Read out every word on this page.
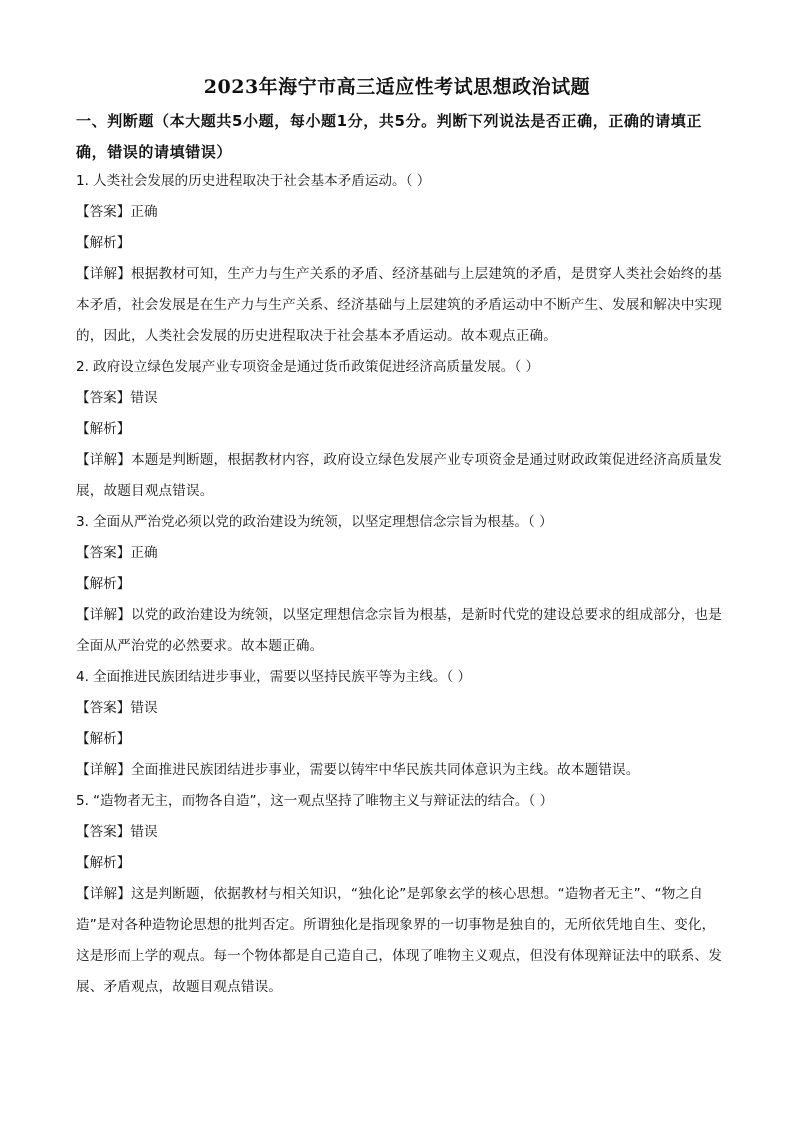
2023年海宁市高三适应性考试思想政治试题
一、判断题（本大题共5小题，每小题1分，共5分。判断下列说法是否正确，正确的请填正确，错误的请填错误）
1. 人类社会发展的历史进程取决于社会基本矛盾运动。（ ）
【答案】正确
【解析】
【详解】根据教材可知，生产力与生产关系的矛盾、经济基础与上层建筑的矛盾，是贯穿人类社会始终的基本矛盾，社会发展是在生产力与生产关系、经济基础与上层建筑的矛盾运动中不断产生、发展和解决中实现的，因此，人类社会发展的历史进程取决于社会基本矛盾运动。故本观点正确。
2. 政府设立绿色发展产业专项资金是通过货币政策促进经济高质量发展。（ ）
【答案】错误
【解析】
【详解】本题是判断题，根据教材内容，政府设立绿色发展产业专项资金是通过财政政策促进经济高质量发展，故题目观点错误。
3. 全面从严治党必须以党的政治建设为统领，以坚定理想信念宗旨为根基。（ ）
【答案】正确
【解析】
【详解】以党的政治建设为统领，以坚定理想信念宗旨为根基，是新时代党的建设总要求的组成部分，也是全面从严治党的必然要求。故本题正确。
4. 全面推进民族团结进步事业，需要以坚持民族平等为主线。（ ）
【答案】错误
【解析】
【详解】全面推进民族团结进步事业，需要以铸牢中华民族共同体意识为主线。故本题错误。
5. “造物者无主，而物各自造”，这一观点坚持了唯物主义与辩证法的结合。（ ）
【答案】错误
【解析】
【详解】这是判断题，依据教材与相关知识，“独化论”是郭象玄学的核心思想。“造物者无主”、“物之自造”是对各种造物论思想的批判否定。所谓独化是指现象界的一切事物是独自的，无所依凭地自生、变化，这是形而上学的观点。每一个物体都是自己造自己，体现了唯物主义观点，但没有体现辩证法中的联系、发展、矛盾观点，故题目观点错误。
